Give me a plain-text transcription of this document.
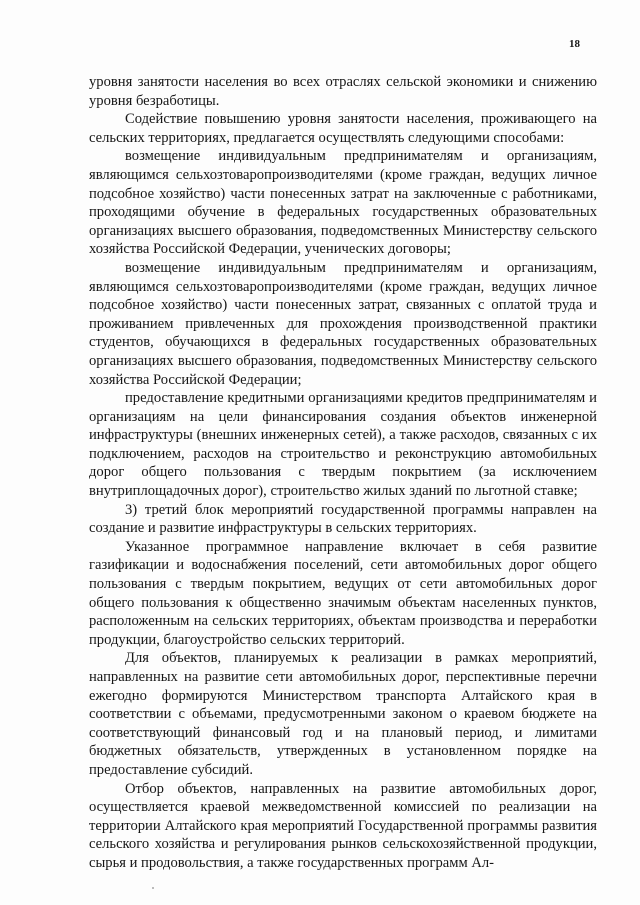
18

уровня занятости населения во всех отраслях сельской экономики и снижению уровня безработицы.

Содействие повышению уровня занятости населения, проживающего на сельских территориях, предлагается осуществлять следующими способами:

возмещение индивидуальным предпринимателям и организациям, являющимся сельхозтоваропроизводителями (кроме граждан, ведущих личное подсобное хозяйство) части понесенных затрат на заключенные с работниками, проходящими обучение в федеральных государственных образовательных организациях высшего образования, подведомственных Министерству сельского хозяйства Российской Федерации, ученических договоры;

возмещение индивидуальным предпринимателям и организациям, являющимся сельхозтоваропроизводителями (кроме граждан, ведущих личное подсобное хозяйство) части понесенных затрат, связанных с оплатой труда и проживанием привлеченных для прохождения производственной практики студентов, обучающихся в федеральных государственных образовательных организациях высшего образования, подведомственных Министерству сельского хозяйства Российской Федерации;

предоставление кредитными организациями кредитов предпринимателям и организациям на цели финансирования создания объектов инженерной инфраструктуры (внешних инженерных сетей), а также расходов, связанных с их подключением, расходов на строительство и реконструкцию автомобильных дорог общего пользования с твердым покрытием (за исключением внутриплощадочных дорог), строительство жилых зданий по льготной ставке;

3) третий блок мероприятий государственной программы направлен на создание и развитие инфраструктуры в сельских территориях.

Указанное программное направление включает в себя развитие газификации и водоснабжения поселений, сети автомобильных дорог общего пользования с твердым покрытием, ведущих от сети автомобильных дорог общего пользования к общественно значимым объектам населенных пунктов, расположенным на сельских территориях, объектам производства и переработки продукции, благоустройство сельских территорий.

Для объектов, планируемых к реализации в рамках мероприятий, направленных на развитие сети автомобильных дорог, перспективные перечни ежегодно формируются Министерством транспорта Алтайского края в соответствии с объемами, предусмотренными законом о краевом бюджете на соответствующий финансовый год и на плановый период, и лимитами бюджетных обязательств, утвержденных в установленном порядке на предоставление субсидий.

Отбор объектов, направленных на развитие автомобильных дорог, осуществляется краевой межведомственной комиссией по реализации на территории Алтайского края мероприятий Государственной программы развития сельского хозяйства и регулирования рынков сельскохозяйственной продукции, сырья и продовольствия, а также государственных программ Ал-
